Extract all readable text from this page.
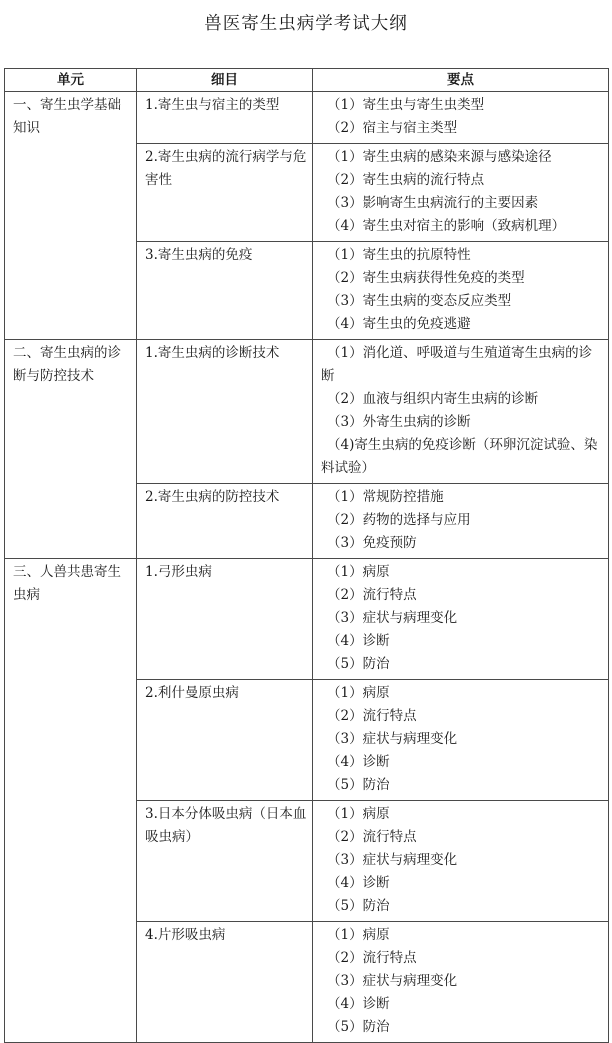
兽医寄生虫病学考试大纲
单元	细目	要点
一、寄生虫学基础知识	1.寄生虫与宿主的类型	（1）寄生虫与寄生虫类型
（2）宿主与宿主类型

	2.寄生虫病的流行病学与危害性	（1）寄生虫病的感染来源与感染途径
（2）寄生虫病的流行特点
（3）影响寄生虫病流行的主要因素
（4）寄生虫对宿主的影响（致病机理）

	3.寄生虫病的免疫	（1）寄生虫的抗原特性
（2）寄生虫病获得性免疫的类型
（3）寄生虫病的变态反应类型
（4）寄生虫的免疫逃避

二、寄生虫病的诊断与防控技术	1.寄生虫病的诊断技术	（1）消化道、呼吸道与生殖道寄生虫病的诊断
（2）血液与组织内寄生虫病的诊断
（3）外寄生虫病的诊断
（4)寄生虫病的免疫诊断（环卵沉淀试验、染料试验）

	2.寄生虫病的防控技术	（1）常规防控措施
（2）药物的选择与应用
（3）免疫预防

三、人兽共患寄生虫病	1.弓形虫病	（1）病原
（2）流行特点
（3）症状与病理变化
（4）诊断
（5）防治

	2.利什曼原虫病	（1）病原
（2）流行特点
（3）症状与病理变化
（4）诊断
（5）防治

	3.日本分体吸虫病（日本血吸虫病）	（1）病原
（2）流行特点
（3）症状与病理变化
（4）诊断
（5）防治

	4.片形吸虫病	（1）病原
（2）流行特点
（3）症状与病理变化
（4）诊断
（5）防治
